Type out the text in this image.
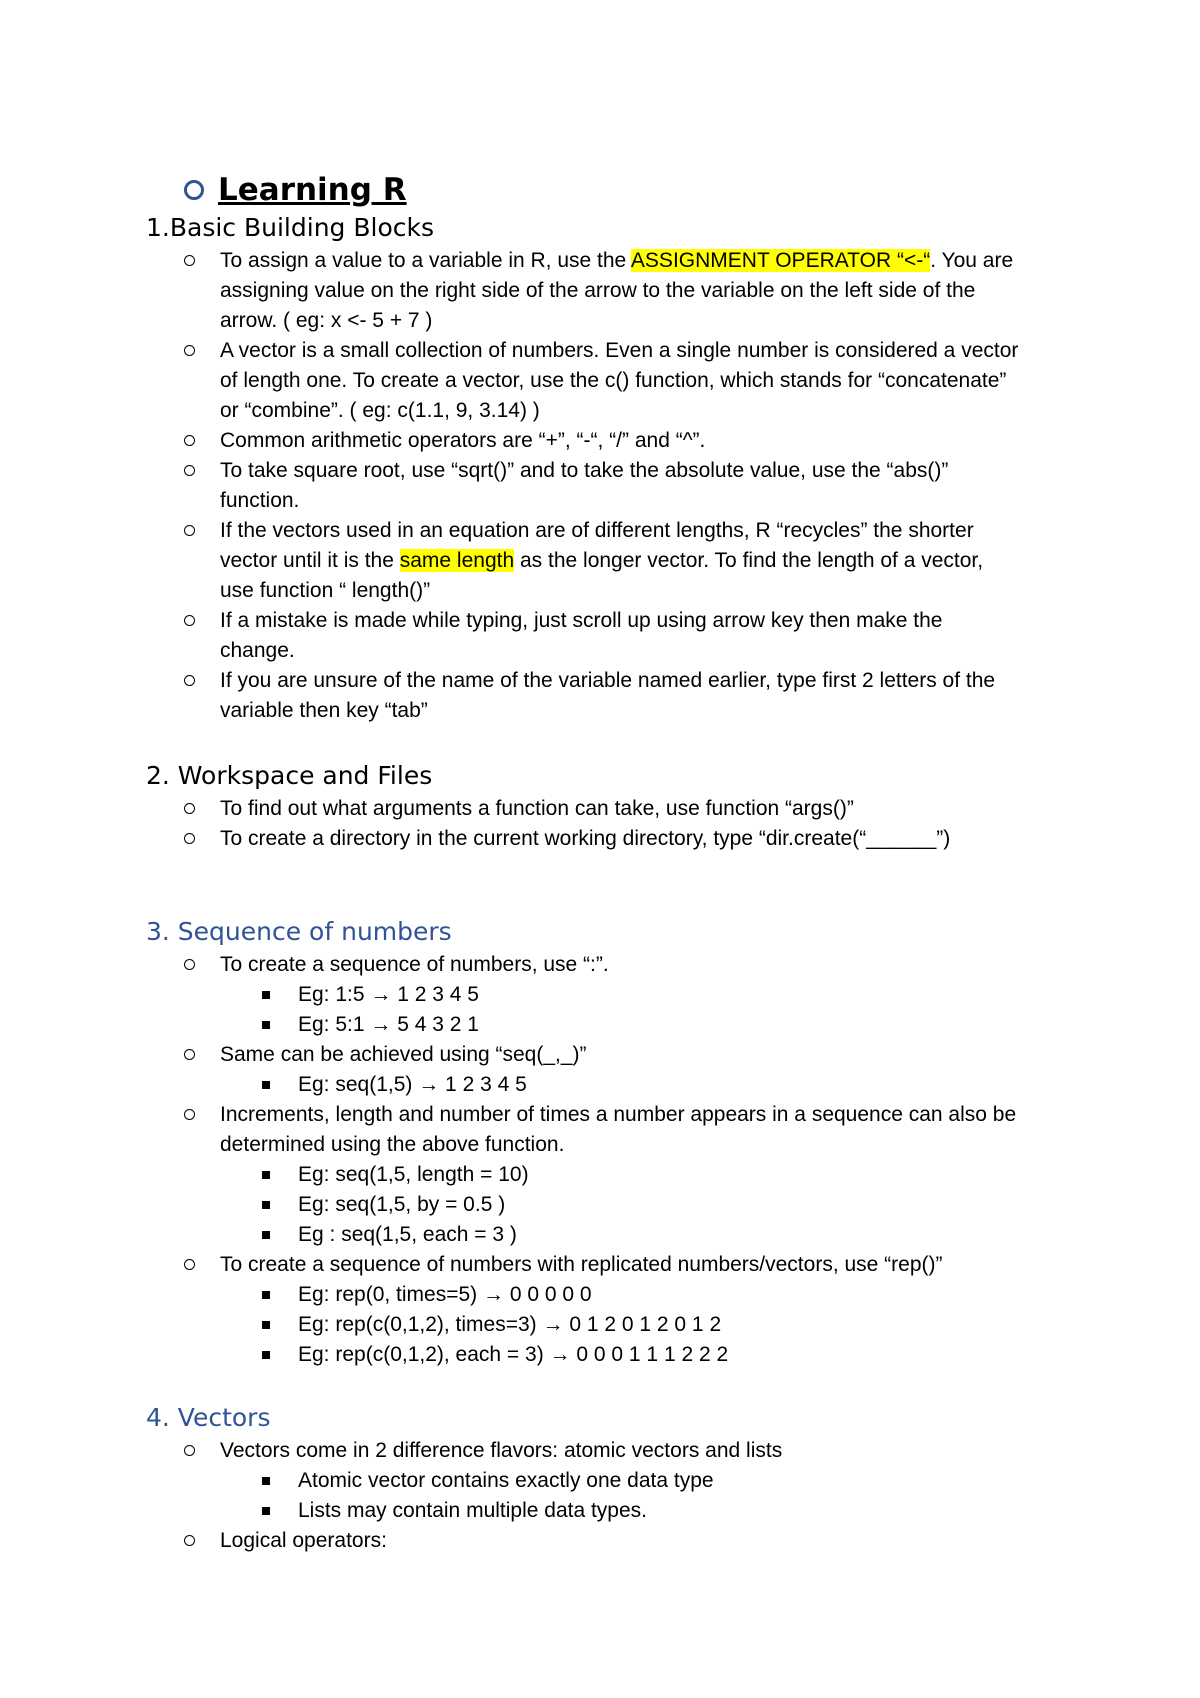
Learning R
1.Basic Building Blocks
To assign a value to a variable in R, use the ASSIGNMENT OPERATOR “<-“. You are
assigning value on the right side of the arrow to the variable on the left side of the
arrow. ( eg: x <- 5 + 7 )
A vector is a small collection of numbers. Even a single number is considered a vector
of length one. To create a vector, use the c() function, which stands for “concatenate”
or “combine”. ( eg: c(1.1, 9, 3.14) )
Common arithmetic operators are “+”, “-“, “/” and “^”.
To take square root, use “sqrt()” and to take the absolute value, use the “abs()”
function.
If the vectors used in an equation are of different lengths, R “recycles” the shorter
vector until it is the same length as the longer vector. To find the length of a vector,
use function “ length()”
If a mistake is made while typing, just scroll up using arrow key then make the
change.
If you are unsure of the name of the variable named earlier, type first 2 letters of the
variable then key “tab”
2. Workspace and Files
To find out what arguments a function can take, use function “args()”
To create a directory in the current working directory, type “dir.create(“______”)
3. Sequence of numbers
To create a sequence of numbers, use “:”.
Eg: 1:5 → 1 2 3 4 5
Eg: 5:1 → 5 4 3 2 1
Same can be achieved using “seq(_,_)”
Eg: seq(1,5) → 1 2 3 4 5
Increments, length and number of times a number appears in a sequence can also be
determined using the above function.
Eg: seq(1,5, length = 10)
Eg: seq(1,5, by = 0.5 )
Eg : seq(1,5, each = 3 )
To create a sequence of numbers with replicated numbers/vectors, use “rep()”
Eg: rep(0, times=5) → 0 0 0 0 0
Eg: rep(c(0,1,2), times=3) → 0 1 2 0 1 2 0 1 2
Eg: rep(c(0,1,2), each = 3) → 0 0 0 1 1 1 2 2 2
4. Vectors
Vectors come in 2 difference flavors: atomic vectors and lists
Atomic vector contains exactly one data type
Lists may contain multiple data types.
Logical operators:
